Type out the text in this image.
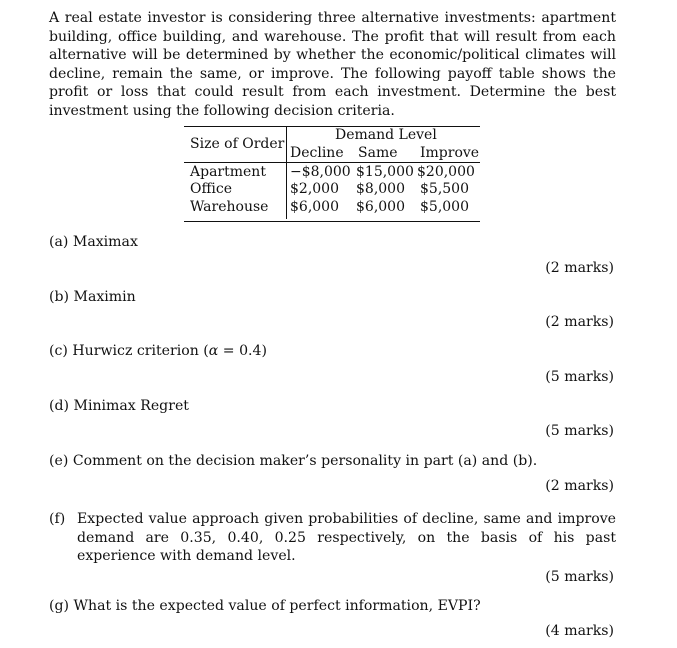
A real estate investor is considering three alternative investments: apartment building, office building, and warehouse. The profit that will result from each alternative will be determined by whether the economic/political climates will decline, remain the same, or improve. The following payoff table shows the profit or loss that could result from each investment. Determine the best investment using the following decision criteria.

Size of Order
Demand Level
Decline Same Improve
Apartment −$8,000 $15,000 $20,000
Office	$2,000 $8,000 $5,500
Warehouse $6,000 $6,000 $5,000
(a) Maximax
(2 marks)
(b) Maximin
(2 marks)
(c) Hurwicz criterion (α = 0.4)
(5 marks)
(d) Minimax Regret
(5 marks)
(e) Comment on the decision maker’s personality in part (a) and (b).
(2 marks)
(f) Expected value approach given probabilities of decline, same and improve demand are 0.35, 0.40, 0.25 respectively, on the basis of his past experience with demand level.
(5 marks)
(g) What is the expected value of perfect information, EVPI?
(4 marks)
